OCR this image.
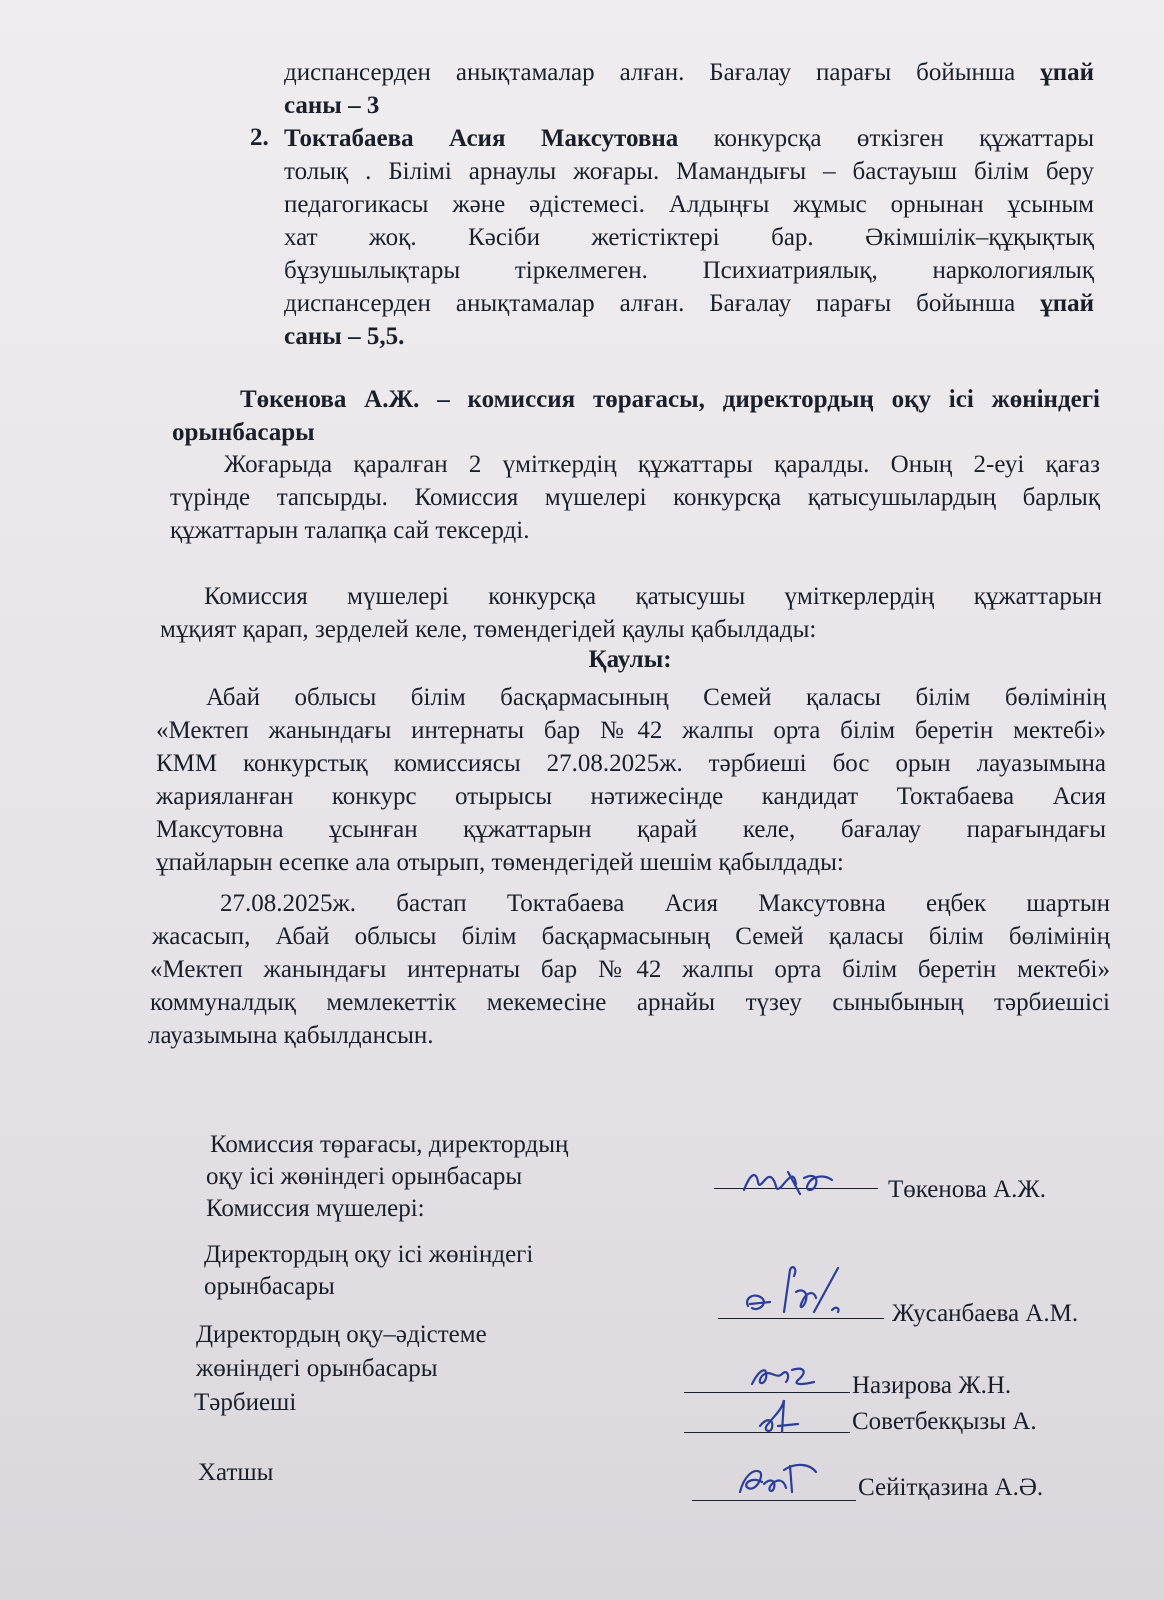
диспансерден анықтамалар алған. Бағалау парағы бойынша ұпай

саны – 3

2. Токтабаева Асия Максутовна конкурсқа өткізген құжаттары

толық . Білімі арнаулы жоғары. Мамандығы – бастауыш білім беру

педагогикасы және әдістемесі. Алдыңғы жұмыс орнынан ұсыным

хат жоқ. Кәсіби жетістіктері бар. Әкімшілік–құқықтық

бұзушылықтары тіркелмеген. Психиатриялық, наркологиялық

диспансерден анықтамалар алған. Бағалау парағы бойынша ұпай

саны – 5,5.

Төкенова А.Ж. – комиссия төрағасы, директордың оқу ісі жөніндегі

орынбасары

Жоғарыда қаралған 2 үміткердің құжаттары қаралды. Оның 2-еуі қағаз

түрінде тапсырды. Комиссия мүшелері конкурсқа қатысушылардың барлық

құжаттарын талапқа сай тексерді.

Комиссия мүшелері конкурсқа қатысушы үміткерлердің құжаттарын

мұқият қарап, зерделей келе, төмендегідей қаулы қабылдады:

Қаулы:

Абай облысы білім басқармасының Семей қаласы білім бөлімінің

«Мектеп жанындағы интернаты бар №42 жалпы орта білім беретін мектебі»

КММ конкурстық комиссиясы 27.08.2025ж. тәрбиеші бос орын лауазымына

жарияланған конкурс отырысы нәтижесінде кандидат Токтабаева Асия

Максутовна ұсынған құжаттарын қарай келе, бағалау парағындағы

ұпайларын есепке ала отырып, төмендегідей шешім қабылдады:

27.08.2025ж. бастап Токтабаева Асия Максутовна еңбек шартын

жасасып, Абай облысы білім басқармасының Семей қаласы білім бөлімінің

«Мектеп жанындағы интернаты бар №42 жалпы орта білім беретін мектебі»

коммуналдық мемлекеттік мекемесіне арнайы түзеу сыныбының тәрбиешісі

лауазымына қабылдансын.

Комиссия төрағасы, директордың
оқу ісі жөніндегі орынбасары	Төкенова А.Ж.
Комиссия мүшелері:
Директордың оқу ісі жөніндегі
орынбасары
Жусанбаева А.М.
Директордың оқу–әдістеме
жөніндегі орынбасары
Назирова Ж.Н.
Тәрбиеші
Советбекқызы А.
Хатшы
Сейітқазина А.Ә.
